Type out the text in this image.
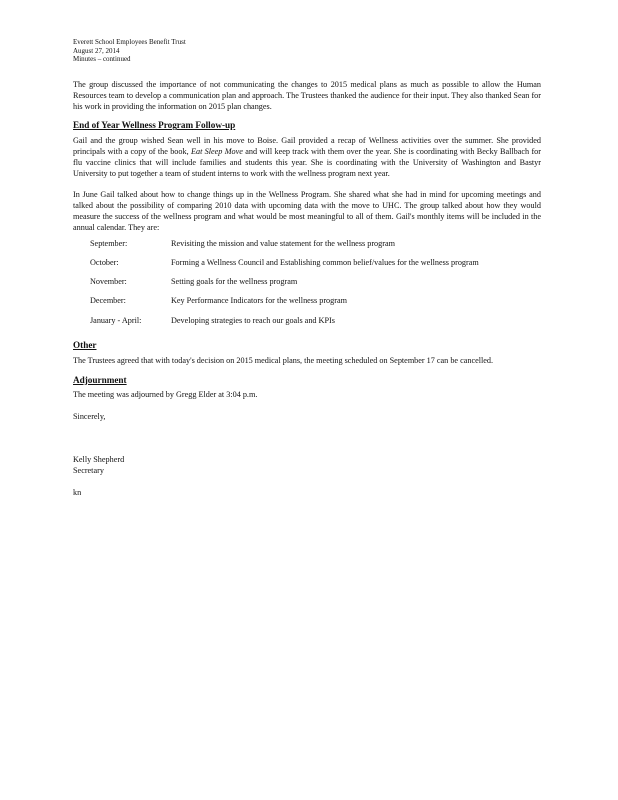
Everett School Employees Benefit Trust
August 27, 2014
Minutes – continued

The group discussed the importance of not communicating the changes to 2015 medical plans as much as possible to allow the Human Resources team to develop a communication plan and approach. The Trustees thanked the audience for their input. They also thanked Sean for his work in providing the information on 2015 plan changes.

End of Year Wellness Program Follow-up

Gail and the group wished Sean well in his move to Boise. Gail provided a recap of Wellness activities over the summer. She provided principals with a copy of the book, Eat Sleep Move and will keep track with them over the year. She is coordinating with Becky Ballbach for flu vaccine clinics that will include families and students this year. She is coordinating with the University of Washington and Bastyr University to put together a team of student interns to work with the wellness program next year.

In June Gail talked about how to change things up in the Wellness Program. She shared what she had in mind for upcoming meetings and talked about the possibility of comparing 2010 data with upcoming data with the move to UHC. The group talked about how they would measure the success of the wellness program and what would be most meaningful to all of them. Gail's monthly items will be included in the annual calendar. They are:

September:	Revisiting the mission and value statement for the wellness program
October:	Forming a Wellness Council and Establishing common belief/values for the wellness program
November:	Setting goals for the wellness program
December:	Key Performance Indicators for the wellness program
January - April:	Developing strategies to reach our goals and KPIs

Other

The Trustees agreed that with today's decision on 2015 medical plans, the meeting scheduled on September 17 can be cancelled.

Adjournment

The meeting was adjourned by Gregg Elder at 3:04 p.m.

Sincerely,

Kelly Shepherd

Secretary

kn
